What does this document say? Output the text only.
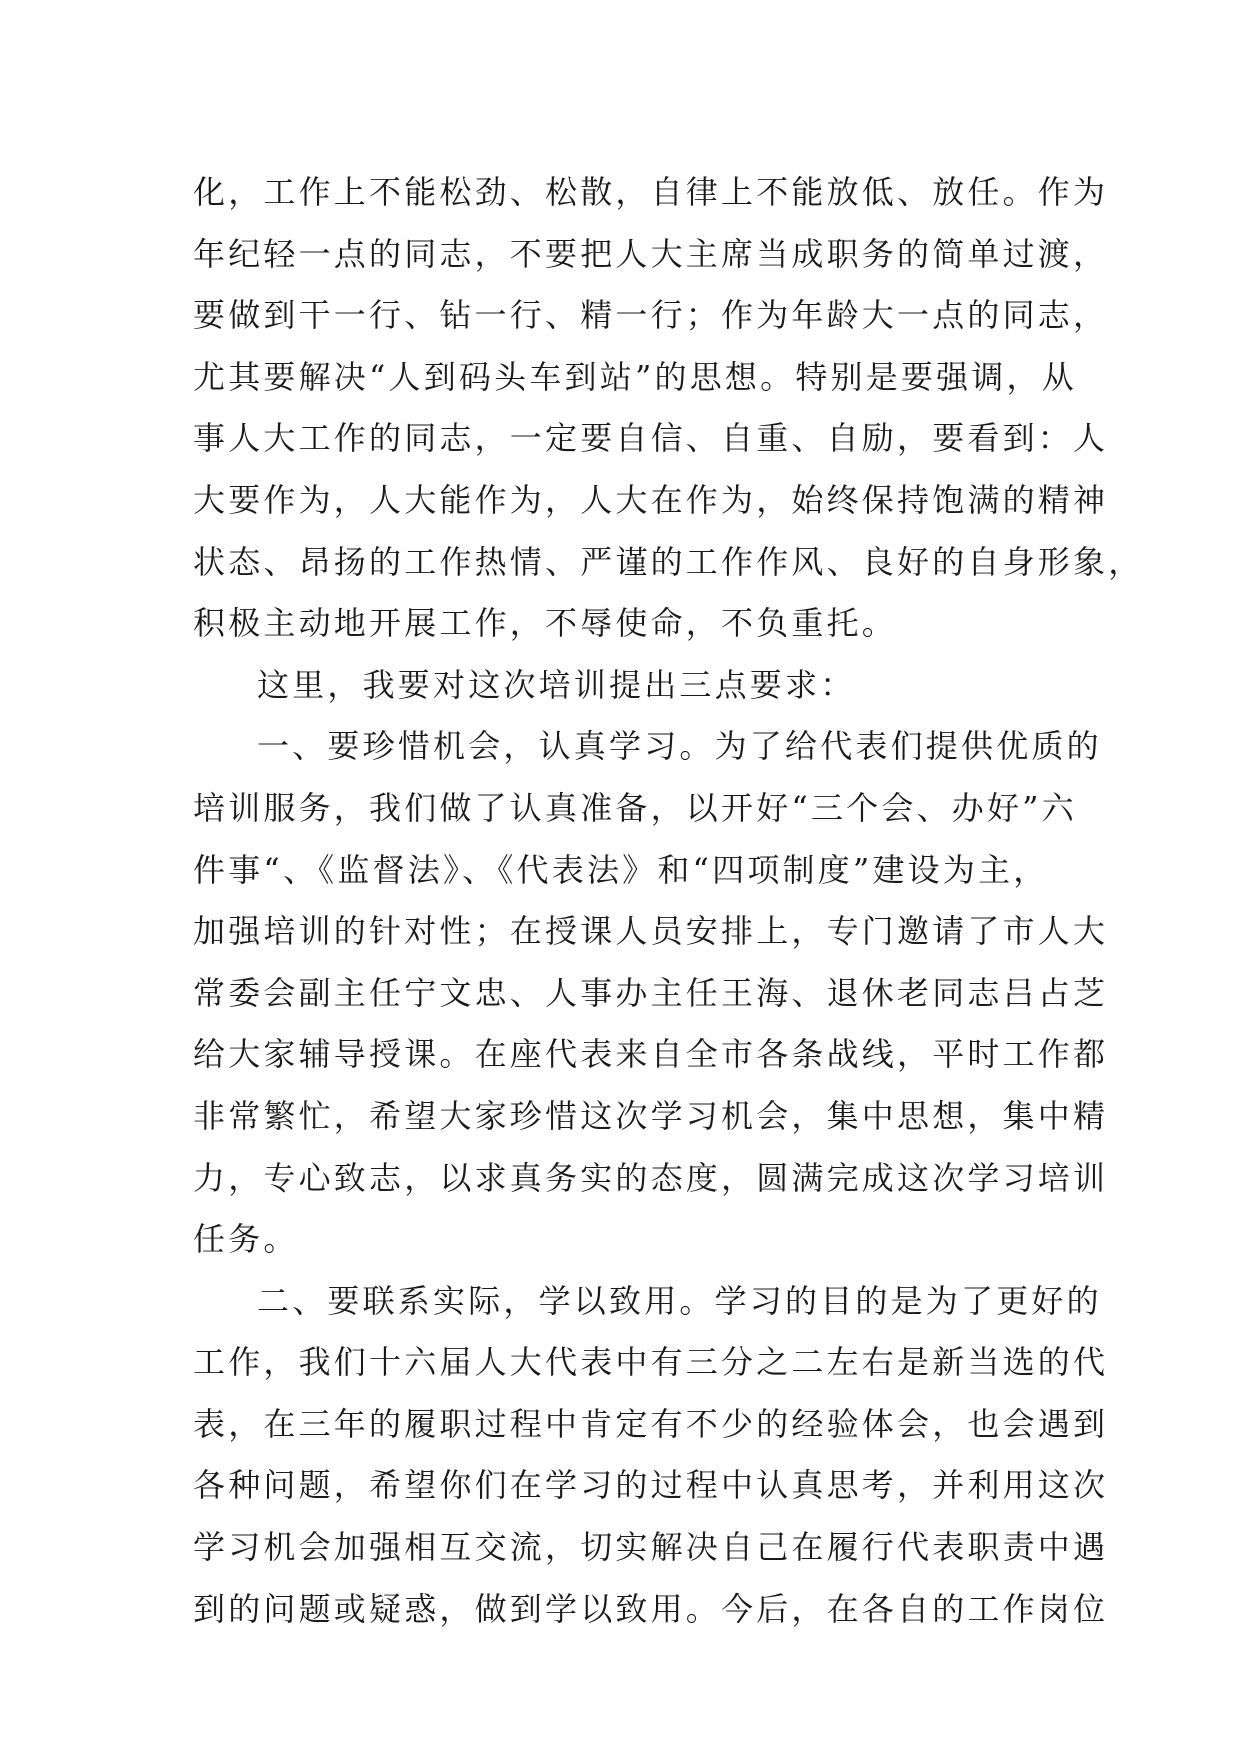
化，工作上不能松劲、松散，自律上不能放低、放任。作为
年纪轻一点的同志，不要把人大主席当成职务的简单过渡，
要做到干一行、钻一行、精一行；作为年龄大一点的同志，
尤其要解决“人到码头车到站”的思想。特别是要强调，从
事人大工作的同志，一定要自信、自重、自励，要看到：人
大要作为，人大能作为，人大在作为，始终保持饱满的精神
状态、昂扬的工作热情、严谨的工作作风、良好的自身形象，
积极主动地开展工作，不辱使命，不负重托。
这里，我要对这次培训提出三点要求：
一、要珍惜机会，认真学习。为了给代表们提供优质的
培训服务，我们做了认真准备，以开好“三个会、办好”六
件事“、《监督法》、《代表法》和“四项制度”建设为主，
加强培训的针对性；在授课人员安排上，专门邀请了市人大
常委会副主任宁文忠、人事办主任王海、退休老同志吕占芝
给大家辅导授课。在座代表来自全市各条战线，平时工作都
非常繁忙，希望大家珍惜这次学习机会，集中思想，集中精
力，专心致志，以求真务实的态度，圆满完成这次学习培训
任务。
二、要联系实际，学以致用。学习的目的是为了更好的
工作，我们十六届人大代表中有三分之二左右是新当选的代
表，在三年的履职过程中肯定有不少的经验体会，也会遇到
各种问题，希望你们在学习的过程中认真思考，并利用这次
学习机会加强相互交流，切实解决自己在履行代表职责中遇
到的问题或疑惑，做到学以致用。今后，在各自的工作岗位
